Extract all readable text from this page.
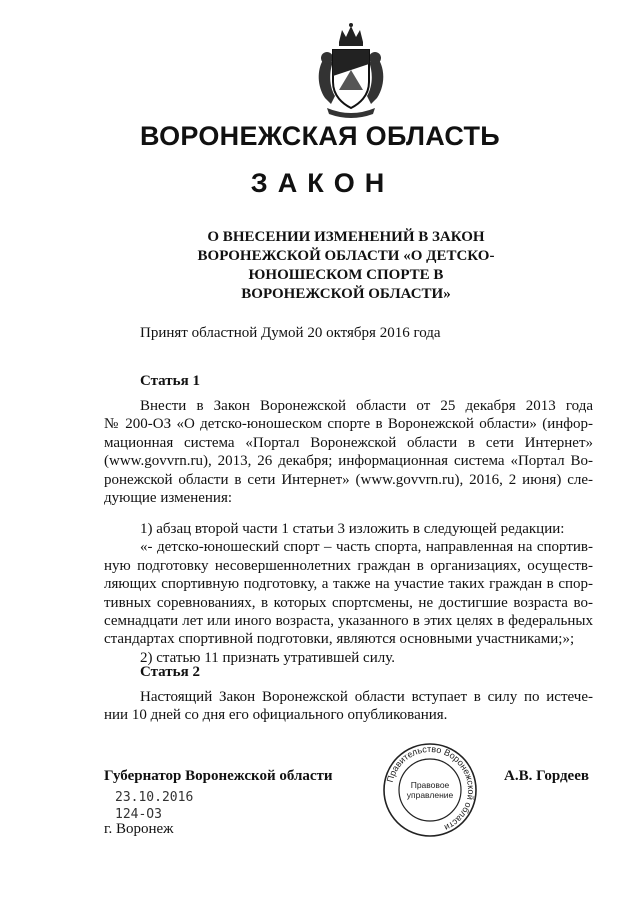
ВОРОНЕЖСКАЯ ОБЛАСТЬ
ЗАКОН
О ВНЕСЕНИИ ИЗМЕНЕНИЙ В ЗАКОН
ВОРОНЕЖСКОЙ ОБЛАСТИ «О ДЕТСКО-
ЮНОШЕСКОМ СПОРТЕ В
ВОРОНЕЖСКОЙ ОБЛАСТИ»
Принят областной Думой 20 октября 2016 года
Статья 1
Внести в Закон Воронежской области от 25 декабря 2013 года
№ 200-ОЗ «О детско-юношеском спорте в Воронежской области» (инфор-
мационная система «Портал Воронежской области в сети Интернет»
(www.govvrn.ru), 2013, 26 декабря; информационная система «Портал Во-
ронежской области в сети Интернет» (www.govvrn.ru), 2016, 2 июня) сле-
дующие изменения:
1) абзац второй части 1 статьи 3 изложить в следующей редакции:
«- детско-юношеский спорт – часть спорта, направленная на спортив-
ную подготовку несовершеннолетних граждан в организациях, осуществ-
ляющих спортивную подготовку, а также на участие таких граждан в спор-
тивных соревнованиях, в которых спортсмены, не достигшие возраста во-
семнадцати лет или иного возраста, указанного в этих целях в федеральных
стандартах спортивной подготовки, являются основными участниками;»;
2) статью 11 признать утратившей силу.
Статья 2
Настоящий Закон Воронежской области вступает в силу по истече-
нии 10 дней со дня его официального опубликования.
Губернатор Воронежской области
23.10.2016
124-ОЗ
г. Воронеж
А.В. Гордеев
Правительство Воронежской области
Правовое
управление
